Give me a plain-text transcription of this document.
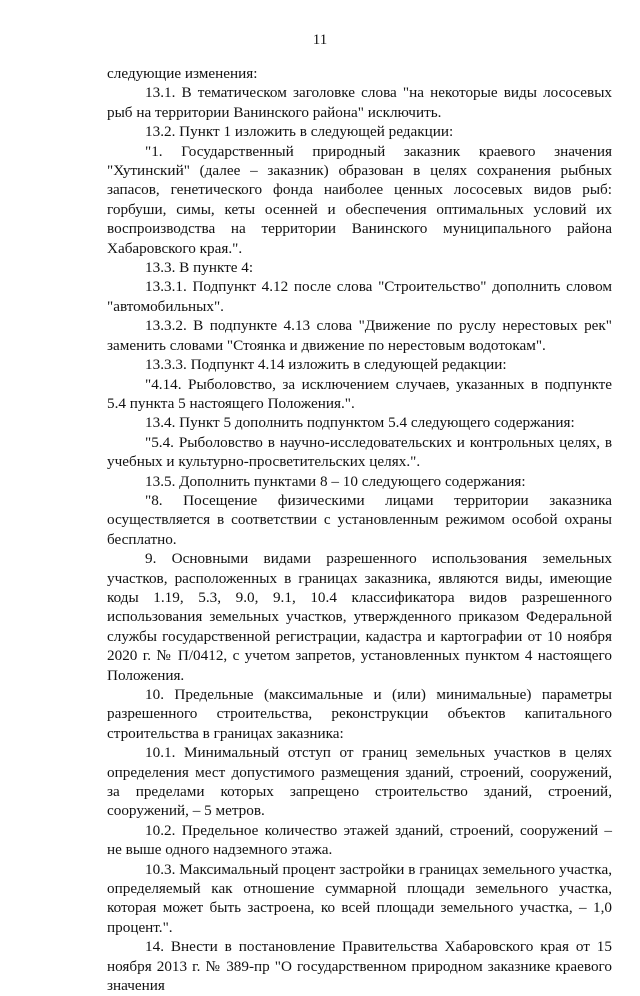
11

следующие изменения:

13.1. В тематическом заголовке слова "на некоторые виды лососевых рыб на территории Ванинского района" исключить.

13.2. Пункт 1 изложить в следующей редакции:

"1. Государственный природный заказник краевого значения "Хутинский" (далее – заказник) образован в целях сохранения рыбных запасов, генетического фонда наиболее ценных лососевых видов рыб: горбуши, симы, кеты осенней и обеспечения оптимальных условий их воспроизводства на территории Ванинского муниципального района Хабаровского края.".

13.3. В пункте 4:

13.3.1. Подпункт 4.12 после слова "Строительство" дополнить словом "автомобильных".

13.3.2. В подпункте 4.13 слова "Движение по руслу нерестовых рек" заменить словами "Стоянка и движение по нерестовым водотокам".

13.3.3. Подпункт 4.14 изложить в следующей редакции:

"4.14. Рыболовство, за исключением случаев, указанных в подпункте 5.4 пункта 5 настоящего Положения.".

13.4. Пункт 5 дополнить подпунктом 5.4 следующего содержания:

"5.4. Рыболовство в научно-исследовательских и контрольных целях, в учебных и культурно-просветительских целях.".

13.5. Дополнить пунктами 8 – 10 следующего содержания:

"8. Посещение физическими лицами территории заказника осуществляется в соответствии с установленным режимом особой охраны бесплатно.

9. Основными видами разрешенного использования земельных участков, расположенных в границах заказника, являются виды, имеющие коды 1.19, 5.3, 9.0, 9.1, 10.4 классификатора видов разрешенного использования земельных участков, утвержденного приказом Федеральной службы государственной регистрации, кадастра и картографии от 10 ноября 2020 г. № П/0412, с учетом запретов, установленных пунктом 4 настоящего Положения.

10. Предельные (максимальные и (или) минимальные) параметры разрешенного строительства, реконструкции объектов капитального строительства в границах заказника:

10.1. Минимальный отступ от границ земельных участков в целях определения мест допустимого размещения зданий, строений, сооружений, за пределами которых запрещено строительство зданий, строений, сооружений, – 5 метров.

10.2. Предельное количество этажей зданий, строений, сооружений – не выше одного надземного этажа.

10.3. Максимальный процент застройки в границах земельного участка, определяемый как отношение суммарной площади земельного участка, которая может быть застроена, ко всей площади земельного участка, – 1,0 процент.".

14. Внести в постановление Правительства Хабаровского края от 15 ноября 2013 г. № 389-пр "О государственном природном заказнике краевого значения
